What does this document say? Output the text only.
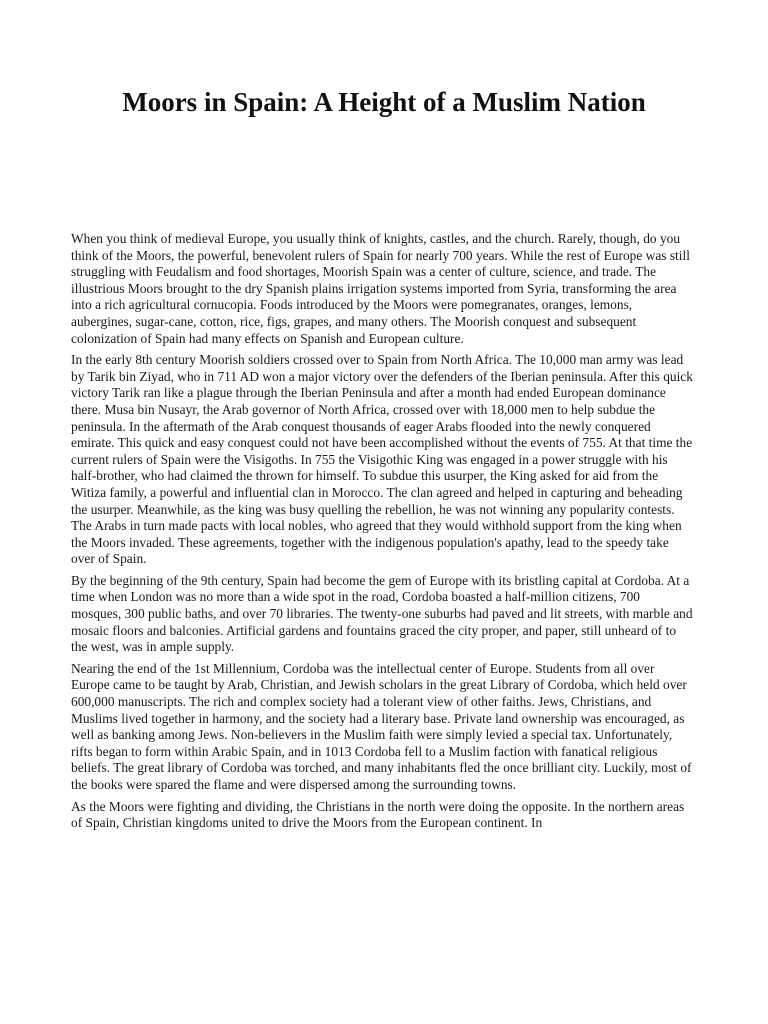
Moors in Spain: A Height of a Muslim Nation

When you think of medieval Europe, you usually think of knights, castles, and the church. Rarely, though, do you think of the Moors, the powerful, benevolent rulers of Spain for nearly 700 years. While the rest of Europe was still struggling with Feudalism and food shortages, Moorish Spain was a center of culture, science, and trade. The illustrious Moors brought to the dry Spanish plains irrigation systems imported from Syria, transforming the area into a rich agricultural cornucopia. Foods introduced by the Moors were pomegranates, oranges, lemons, aubergines, sugar-cane, cotton, rice, figs, grapes, and many others. The Moorish conquest and subsequent colonization of Spain had many effects on Spanish and European culture.

In the early 8th century Moorish soldiers crossed over to Spain from North Africa. The 10,000 man army was lead by Tarik bin Ziyad, who in 711 AD won a major victory over the defenders of the Iberian peninsula. After this quick victory Tarik ran like a plague through the Iberian Peninsula and after a month had ended European dominance there. Musa bin Nusayr, the Arab governor of North Africa, crossed over with 18,000 men to help subdue the peninsula. In the aftermath of the Arab conquest thousands of eager Arabs flooded into the newly conquered emirate. This quick and easy conquest could not have been accomplished without the events of 755. At that time the current rulers of Spain were the Visigoths. In 755 the Visigothic King was engaged in a power struggle with his half-brother, who had claimed the thrown for himself. To subdue this usurper, the King asked for aid from the Witiza family, a powerful and influential clan in Morocco. The clan agreed and helped in capturing and beheading the usurper. Meanwhile, as the king was busy quelling the rebellion, he was not winning any popularity contests. The Arabs in turn made pacts with local nobles, who agreed that they would withhold support from the king when the Moors invaded. These agreements, together with the indigenous population's apathy, lead to the speedy take over of Spain.

By the beginning of the 9th century, Spain had become the gem of Europe with its bristling capital at Cordoba. At a time when London was no more than a wide spot in the road, Cordoba boasted a half-million citizens, 700 mosques, 300 public baths, and over 70 libraries. The twenty-one suburbs had paved and lit streets, with marble and mosaic floors and balconies. Artificial gardens and fountains graced the city proper, and paper, still unheard of to the west, was in ample supply.

Nearing the end of the 1st Millennium, Cordoba was the intellectual center of Europe. Students from all over Europe came to be taught by Arab, Christian, and Jewish scholars in the great Library of Cordoba, which held over 600,000 manuscripts. The rich and complex society had a tolerant view of other faiths. Jews, Christians, and Muslims lived together in harmony, and the society had a literary base. Private land ownership was encouraged, as well as banking among Jews. Non-believers in the Muslim faith were simply levied a special tax. Unfortunately, rifts began to form within Arabic Spain, and in 1013 Cordoba fell to a Muslim faction with fanatical religious beliefs. The great library of Cordoba was torched, and many inhabitants fled the once brilliant city. Luckily, most of the books were spared the flame and were dispersed among the surrounding towns.

As the Moors were fighting and dividing, the Christians in the north were doing the opposite. In the northern areas of Spain, Christian kingdoms united to drive the Moors from the European continent. In
